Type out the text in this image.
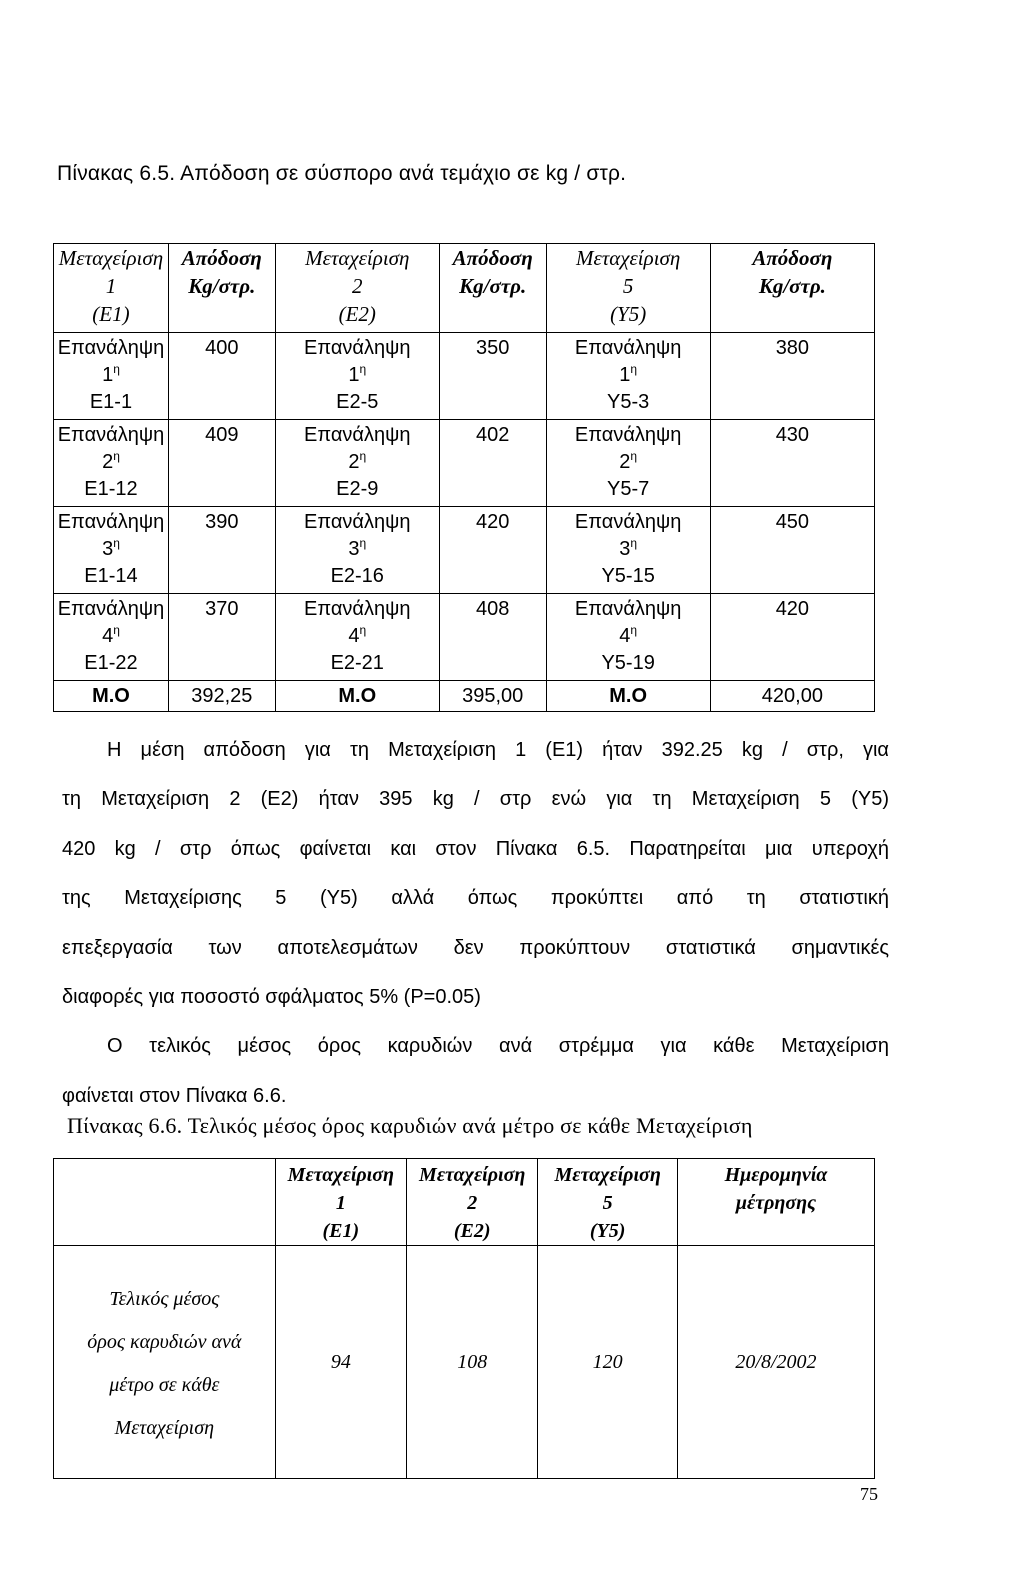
Πίνακας 6.5. Απόδοση σε σύσπορο ανά τεμάχιο σε kg / στρ.
Μεταχείριση
1
(Ε1)	Απόδοση
Kg/στρ.	Μεταχείριση
2
(Ε2)	Απόδοση
Kg/στρ.	Μεταχείριση
5
(Υ5)	Απόδοση
Kg/στρ.

Επανάληψη
$1^\eta$
Ε1-1	400	Επανάληψη
$1^\eta$
Ε2-5	350	Επανάληψη
$1^\eta$
Υ5-3	380

Επανάληψη
$2^\eta$
Ε1-12	409	Επανάληψη
$2^\eta$
Ε2-9	402	Επανάληψη
$2^\eta$
Υ5-7	430

Επανάληψη
$3^\eta$
Ε1-14	390	Επανάληψη
$3^\eta$
Ε2-16	420	Επανάληψη
$3^\eta$
Υ5-15	450

Επανάληψη
$4^\eta$
Ε1-22	370	Επανάληψη
$4^\eta$
Ε2-21	408	Επανάληψη
$4^\eta$
Υ5-19	420
Μ.Ο	392,25	Μ.Ο	395,00	Μ.Ο	420,00

Η μέση απόδοση για τη Μεταχείριση 1 (Ε1) ήταν 392.25 kg / στρ, για

τη Μεταχείριση 2 (Ε2) ήταν 395 kg / στρ ενώ για τη Μεταχείριση 5 (Υ5)

420 kg / στρ όπως φαίνεται και στον Πίνακα 6.5. Παρατηρείται μια υπεροχή

της Μεταχείρισης 5 (Υ5) αλλά όπως προκύπτει από τη στατιστική

επεξεργασία των αποτελεσμάτων δεν προκύπτουν στατιστικά σημαντικές

διαφορές για ποσοστό σφάλματος 5% (P=0.05)

Ο τελικός μέσος όρος καρυδιών ανά στρέμμα για κάθε Μεταχείριση

φαίνεται στον Πίνακα 6.6.

Πίνακας 6.6. Τελικός μέσος όρος καρυδιών ανά μέτρο σε κάθε Μεταχείριση

	Μεταχείριση
1
(Ε1)	Μεταχείριση
2
(Ε2)	Μεταχείριση
5
(Υ5)	Ημερομηνία
μέτρησης

Τελικός μέσος
όρος καρυδιών ανά
μέτρο σε κάθε
Μεταχείριση	94	108	120	20/8/2002
75
